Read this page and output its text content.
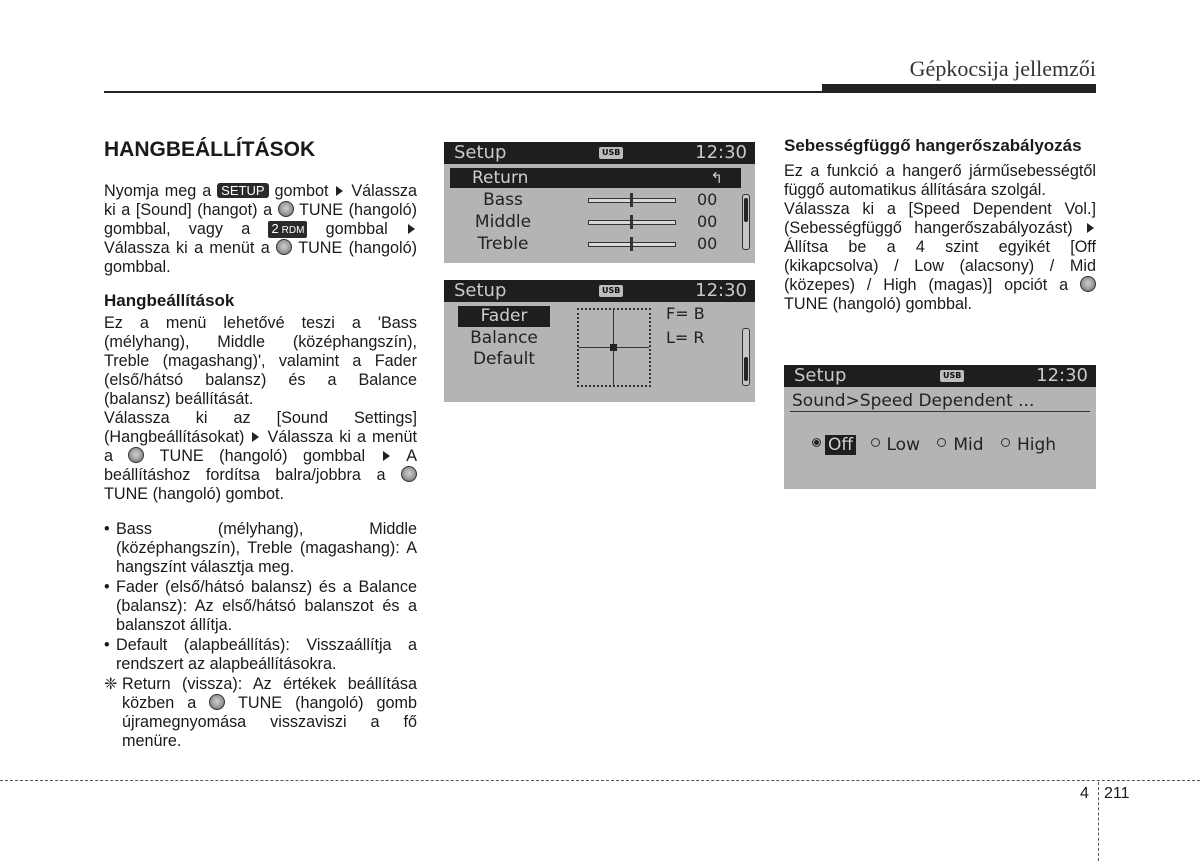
Gépkocsija jellemzői
HANGBEÁLLÍTÁSOK

Nyomja meg a SETUP gombot Válassza ki a [Sound] (hangot) a TUNE (hangoló) gombbal, vagy a 2 RDM gombbal  Válassza ki a menüt a TUNE (hangoló) gombbal.

Hangbeállítások

Ez a menü lehetővé teszi a 'Bass (mélyhang), Middle (középhangszín), Treble (magashang)', valamint a Fader (első/hátsó balansz) és a Balance (balansz) beállítását.

Válassza ki az [Sound Settings] (Hangbeállításokat) Válassza ki a menüt a	TUNE (hangoló) gombbal	A beállításhoz fordítsa balra/jobbra a  TUNE (hangoló) gombot.

• Bass (mélyhang), Middle (középhangszín), Treble (magashang): A hangszínt választja meg.
• Fader (első/hátsó balansz) és a Balance (balansz): Az első/hátsó balanszot és a balanszot állítja.
• Default (alapbeállítás): Visszaállítja a rendszert az alapbeállításokra.
❈ Return (vissza): Az értékek beállítása közben a	TUNE (hangoló) gomb újramegnyomása visszaviszi a fő menüre.
Setup	USB	12:30
Return	↰
Bass	00
Middle	00
Treble	00
Setup	USB	12:30
Fader
Balance
Default
F= B
L= R
Sebességfüggő hangerőszabályozás

Ez a funkció a hangerő járműsebességtől függő automatikus állítására szolgál.

Válassza ki a [Speed Dependent Vol.] (Sebességfüggő hangerőszabályozást)  Állítsa be a 4 szint egyikét [Off (kikapcsolva) / Low (alacsony) / Mid (közepes) / High (magas)] opciót a  TUNE (hangoló) gombbal.

Setup	USB	12:30
Sound>Speed Dependent ...
Off Low Mid High
4 211
